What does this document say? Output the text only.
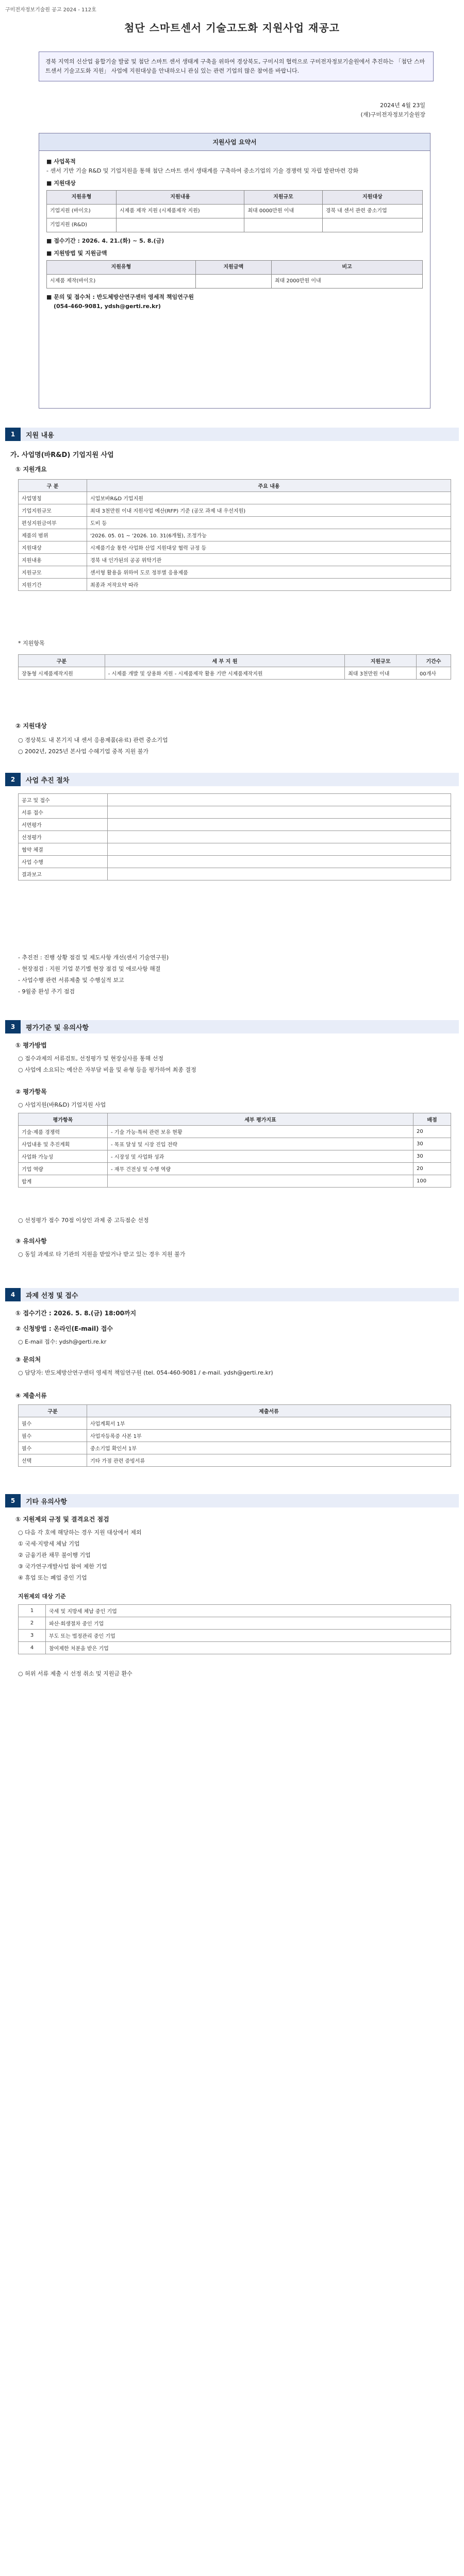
구미전자정보기술원 공고 2024 - 112호
첨단 스마트센서 기술고도화 지원사업 재공고
경북 지역의 신산업 융합기술 발굴 및 첨단 스마트 센서 생태계 구축을 위하여 경상북도, 구미시의 협력으로 구미전자정보기술원에서 추진하는 「첨단 스마트센서 기술고도화 지원」 사업에 지원대상을 안내하오니 관심 있는 관련 기업의 많은 참여를 바랍니다.
2024년 4월 23일
(재)구미전자정보기술원장
지원사업 요약서
■ 사업목적
- 센서 기반 기술 R&D 및 기업지원을 통해 첨단 스마트 센서 생태계를 구축하여 중소기업의 기술 경쟁력 및 자립 발판마련 강화
■ 지원대상
지원유형	지원내용	지원규모	지원대상
기업지원 (바이오)	시제품 제작 지원 (시제품제작 지원)	최대 0000만원 이내	경북 내 센서 관련 중소기업
기업지원 (R&D)			
■ 접수기간 : 2026. 4. 21.(화) ~ 5. 8.(금)
■ 지원방법 및 지원금액
지원유형	지원금액	비고
시제품 제작(바이오)		최대 2000만원 이내
■ 문의 및 접수처 : 반도체방산연구센터 영세적 책임연구원
(054-460-9081, ydsh@gerti.re.kr)
1	지원 내용
가. 사업명(바R&D) 기업지원 사업
① 지원개요
구 분	주요 내용
사업명칭	시업보바R&D 기업지원
기업지원규모	최대 3천만원 이내 지원사업 예산(RFP) 기준 (공모 과제 내 우선지원)
편성지원금여부	도비 등
제품의 범위	'2026. 05. 01 ~ '2026. 10. 31(6개월), 조정가능
지원대상	시제품기술 통한 사업화 산업 지원대상 협력 규정 등
지원내용	경북 내 인가된의 공공 위탁기관
지원규모	센서형 활용을 위하여 도로 정부별 응용제품
지원기간	최종과 저작요약 따라
* 지원항목
구분	세 부 지 원	지원규모	기간수
장동형 시제품제작지원	- 시제품 개발 및 상용화 지원 - 시제품제작 활용 기반 시제품제작지원	최대 3천만원 이내	00개사
② 지원대상
○ 경상북도 내 본기지 내 센서 응용제품(유료) 관련 중소기업
○ 2002년, 2025년 본사업 수혜기업 중복 지원 불가
2	사업 추진 절차
공고 및 접수	
서류 접수	
서면평가	
선정평가	
협약 체결	
사업 수행	
결과보고	
- 추진전 : 진행 상황 점검 및 제도사항 개선(센서 기술연구원)
- 현장점검 : 지원 기업 분기별 현장 점검 및 애로사항 해결
- 사업수행 관련 서류제출 및 수행실적 보고
- 9월중 완성 주기 점검
3	평가기준 및 유의사항
① 평가방법
○ 접수과제의 서류검토, 선정평가 및 현장실사를 통해 선정
○ 사업에 소요되는 예산은 자부담 비율 및 유형 등을 평가하여 최종 결정
② 평가항목
○ 사업지원(바R&D) 기업지원 사업
평가항목	세부 평가지표	배점
기술·제품 경쟁력	- 기술 가능·특허 관련 보유 현황	20
사업내용 및 추진계획	- 목표 달성 및 시장 진입 전략	30
사업화 가능성	- 시장성 및 사업화 성과	30
기업 역량	- 재무 건전성 및 수행 역량	20
합계		100
○ 선정평가 점수 70점 이상인 과제 중 고득점순 선정
③ 유의사항
○ 동일 과제로 타 기관의 지원을 받았거나 받고 있는 경우 지원 불가
4	과제 선정 및 접수
① 접수기간 : 2026. 5. 8.(금) 18:00까지
② 신청방법 : 온라인(E-mail) 접수
○ E-mail 접수: ydsh@gerti.re.kr
③ 문의처
○ 담당자: 반도체방산연구센터 영세적 책임연구원 (tel. 054-460-9081 / e-mail. ydsh@gerti.re.kr)
④ 제출서류
구분	제출서류
필수	사업계획서 1부
필수	사업자등록증 사본 1부
필수	중소기업 확인서 1부
선택	기타 가점 관련 증빙서류
5	기타 유의사항
① 지원제외 규정 및 결격요건 점검
○ 다음 각 호에 해당하는 경우 지원 대상에서 제외
① 국세·지방세 체납 기업
② 금융기관 채무 불이행 기업
③ 국가연구개발사업 참여 제한 기업
④ 휴업 또는 폐업 중인 기업
지원제외 대상 기준
1	국세 및 지방세 체납 중인 기업
2	파산·회생절차 중인 기업
3	부도 또는 법정관리 중인 기업
4	참여제한 처분을 받은 기업
○ 허위 서류 제출 시 선정 취소 및 지원금 환수
